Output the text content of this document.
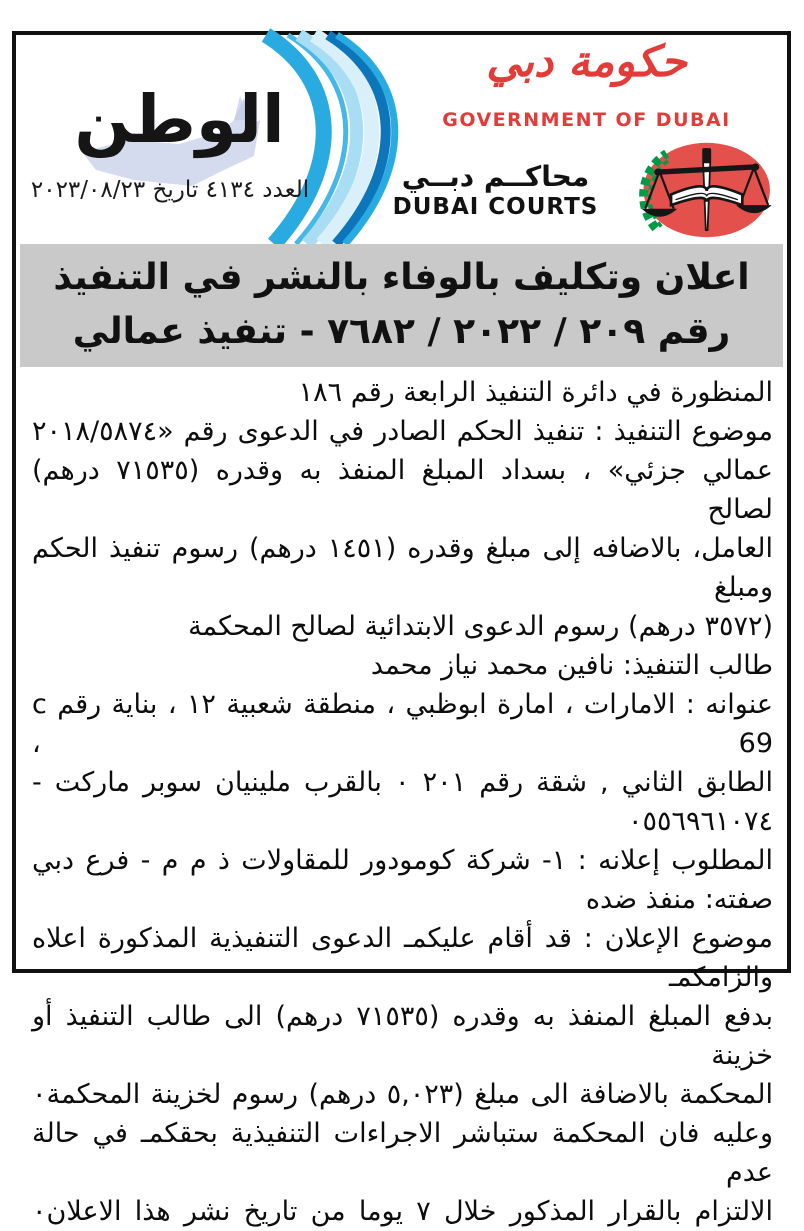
الوطن
العدد ٤١٣٤ تاريخ ٢٠٢٣/٠٨/٢٣
حكومة دبي
GOVERNMENT OF DUBAI
محاكــم دبــي
DUBAI COURTS
اعلان وتكليف بالوفاء بالنشر في التنفيذ
رقم ٢٠٩ / ٢٠٢٢ / ٧٦٨٢ - تنفيذ عمالي
المنظورة في دائرة التنفيذ الرابعة رقم ١٨٦
موضوع التنفيذ : تنفيذ الحكم الصادر في الدعوى رقم «٢٠١٨/٥٨٧٤
عمالي جزئي» ، بسداد المبلغ المنفذ به وقدره (٧١٥٣٥ درهم) لصالح
العامل، بالاضافه إلى مبلغ وقدره (١٤٥١ درهم) رسوم تنفيذ الحكم ومبلغ
(٣٥٧٢ درهم) رسوم الدعوى الابتدائية لصالح المحكمة
طالب التنفيذ: نافين محمد نياز محمد
عنوانه : الامارات ، امارة ابوظبي ، منطقة شعبية ١٢ ، بناية رقم c 69 ،
الطابق الثاني , شقة رقم ٢٠١ ٠ بالقرب ملينيان سوبر ماركت - ٠٥٥٦٩٦١٠٧٤
المطلوب إعلانه : ١- شركة كومودور للمقاولات ذ م م - فرع دبي
صفته: منفذ ضده
موضوع الإعلان : قد أقام عليكمـ الدعوى التنفيذية المذكورة اعلاه والزامكمـ
بدفع المبلغ المنفذ به وقدره (٧١٥٣٥ درهم) الى طالب التنفيذ أو خزينة
المحكمة بالاضافة الى مبلغ (٥,٠٢٣ درهم) رسوم لخزينة المحكمة٠
وعليه فان المحكمة ستباشر الاجراءات التنفيذية بحقكمـ في حالة عدم
الالتزام بالقرار المذكور خلال ٧ يوما من تاريخ نشر هذا الاعلان٠
